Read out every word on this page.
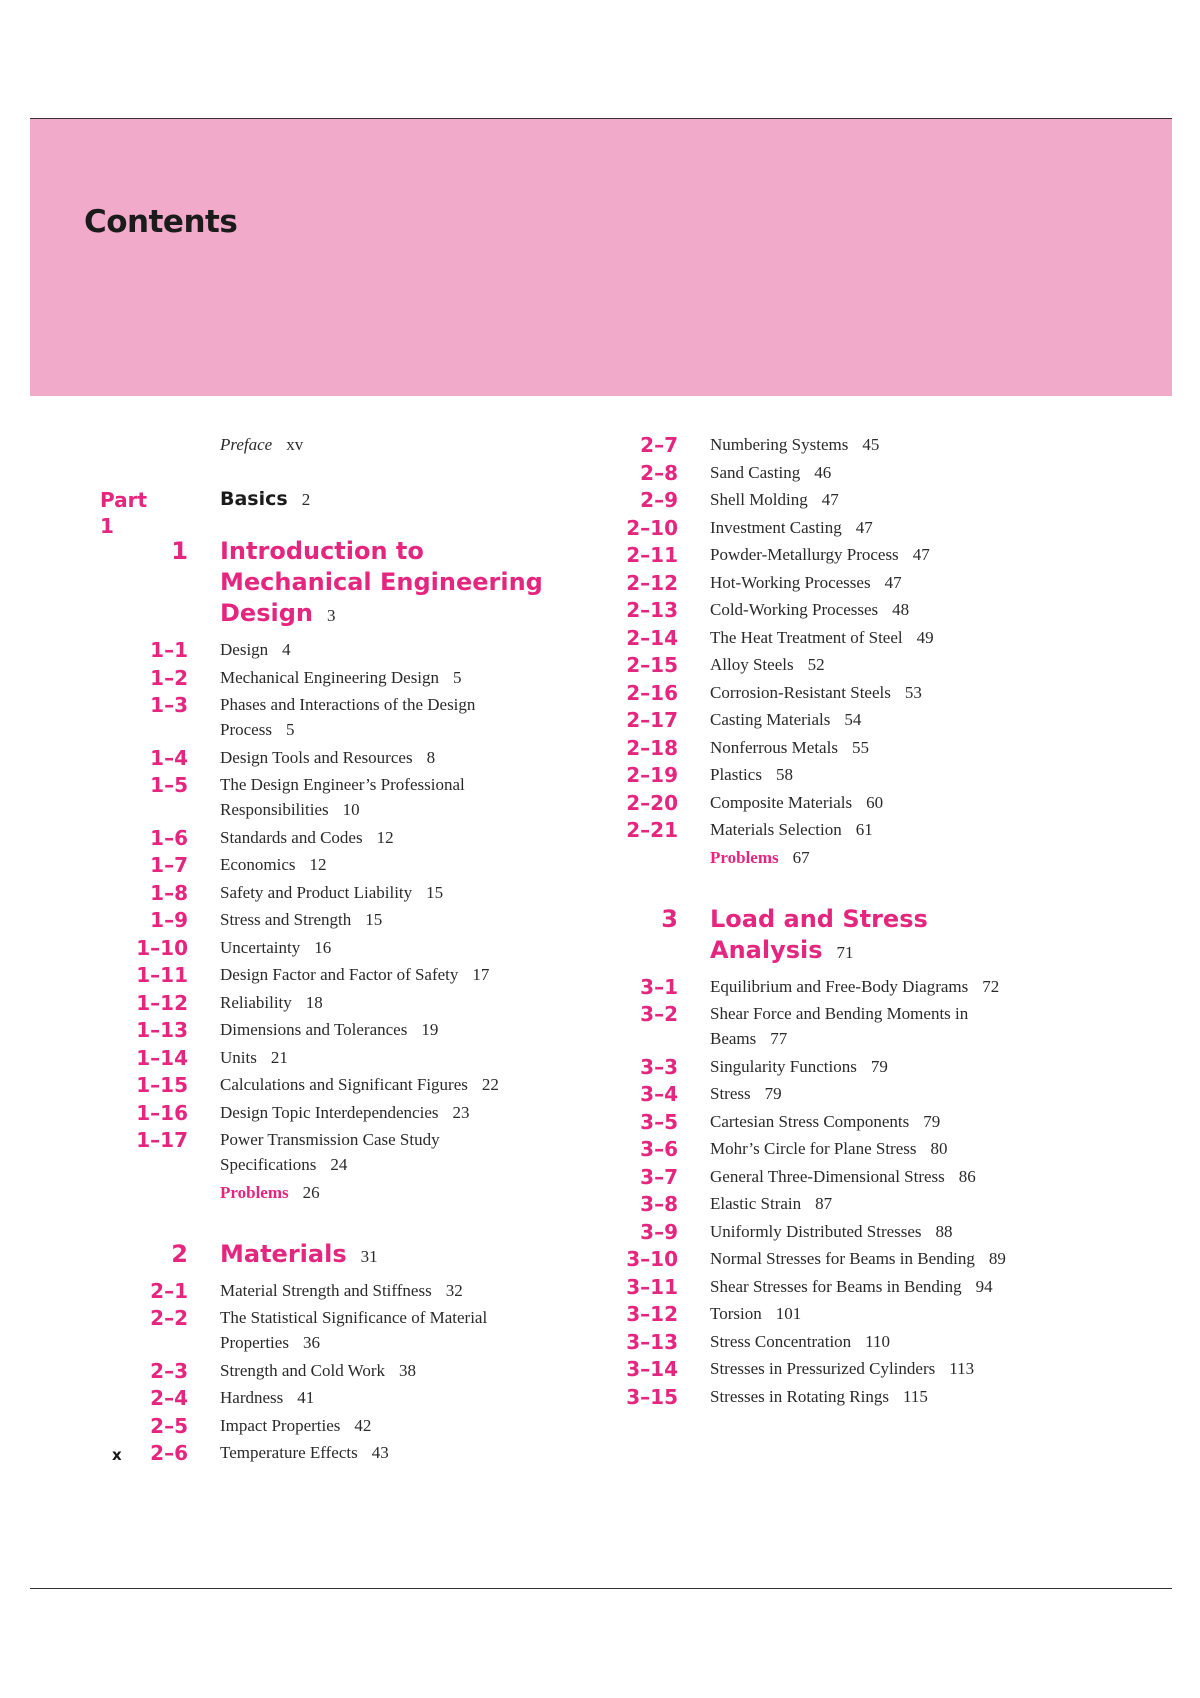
Contents
Preface xv
Part 1
Basics 2
1 Introduction to Mechanical Engineering Design 3
1–1 Design 4
1–2 Mechanical Engineering Design 5
1–3 Phases and Interactions of the Design Process 5
1–4 Design Tools and Resources 8
1–5 The Design Engineer’s Professional Responsibilities 10
1–6 Standards and Codes 12
1–7 Economics 12
1–8 Safety and Product Liability 15
1–9 Stress and Strength 15
1–10 Uncertainty 16
1–11 Design Factor and Factor of Safety 17
1–12 Reliability 18
1–13 Dimensions and Tolerances 19
1–14 Units 21
1–15 Calculations and Significant Figures 22
1–16 Design Topic Interdependencies 23
1–17 Power Transmission Case Study Specifications 24
Problems 26
2 Materials 31
2–1 Material Strength and Stiffness 32
2–2 The Statistical Significance of Material Properties 36
2–3 Strength and Cold Work 38
2–4 Hardness 41
2–5 Impact Properties 42
2–6 Temperature Effects 43
2–7 Numbering Systems 45
2–8 Sand Casting 46
2–9 Shell Molding 47
2–10 Investment Casting 47
2–11 Powder-Metallurgy Process 47
2–12 Hot-Working Processes 47
2–13 Cold-Working Processes 48
2–14 The Heat Treatment of Steel 49
2–15 Alloy Steels 52
2–16 Corrosion-Resistant Steels 53
2–17 Casting Materials 54
2–18 Nonferrous Metals 55
2–19 Plastics 58
2–20 Composite Materials 60
2–21 Materials Selection 61
Problems 67
3 Load and Stress Analysis 71
3–1 Equilibrium and Free-Body Diagrams 72
3–2 Shear Force and Bending Moments in Beams 77
3–3 Singularity Functions 79
3–4 Stress 79
3–5 Cartesian Stress Components 79
3–6 Mohr’s Circle for Plane Stress 80
3–7 General Three-Dimensional Stress 86
3–8 Elastic Strain 87
3–9 Uniformly Distributed Stresses 88
3–10 Normal Stresses for Beams in Bending 89
3–11 Shear Stresses for Beams in Bending 94
3–12 Torsion 101
3–13 Stress Concentration 110
3–14 Stresses in Pressurized Cylinders 113
3–15 Stresses in Rotating Rings 115
x
